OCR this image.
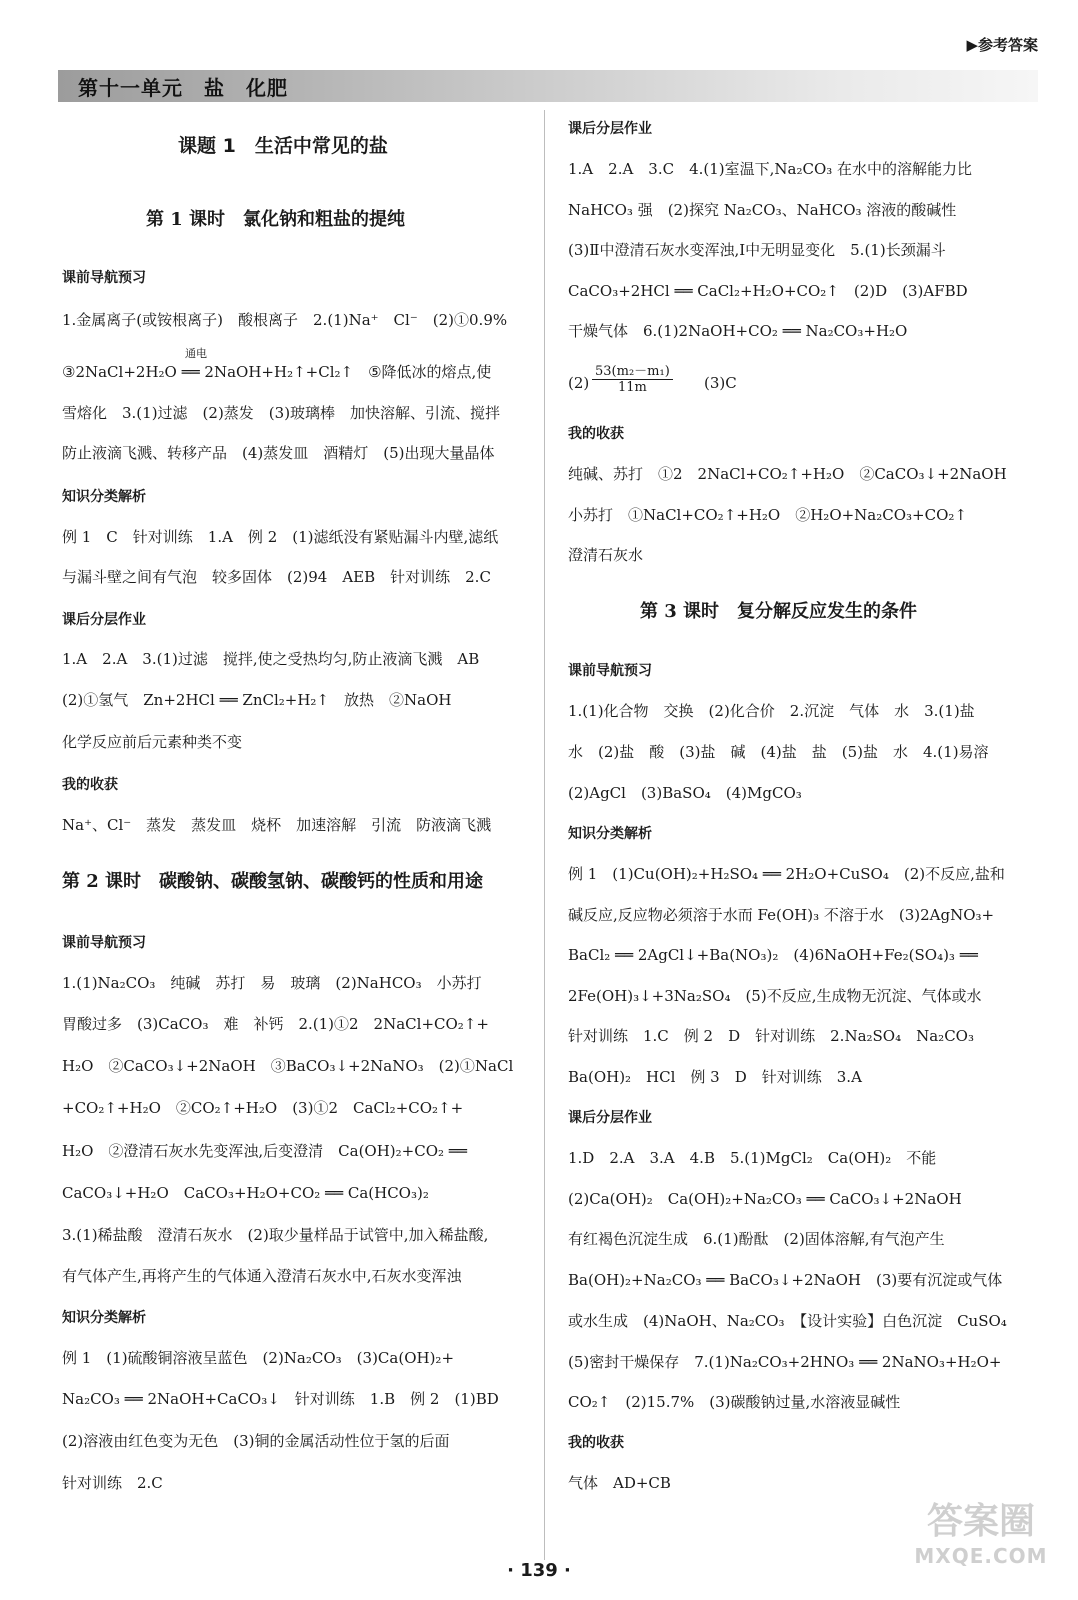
▶参考答案
第十一单元　盐　化肥
课题 1　生活中常见的盐
第 1 课时　氯化钠和粗盐的提纯
课前导航预习
1.金属离子(或铵根离子)　酸根离子　2.(1)Na⁺　Cl⁻　(2)①0.9%
③2NaCl+2H₂O ══ 2NaOH+H₂↑+Cl₂↑　⑤降低冰的熔点,使
通电
雪熔化　3.(1)过滤　(2)蒸发　(3)玻璃棒　加快溶解、引流、搅拌
防止液滴飞溅、转移产品　(4)蒸发皿　酒精灯　(5)出现大量晶体
知识分类解析
例 1　C　针对训练　1.A　例 2　(1)滤纸没有紧贴漏斗内壁,滤纸
与漏斗壁之间有气泡　较多固体　(2)94　AEB　针对训练　2.C
课后分层作业
1.A　2.A　3.(1)过滤　搅拌,使之受热均匀,防止液滴飞溅　AB
(2)①氢气　Zn+2HCl ══ ZnCl₂+H₂↑　放热　②NaOH
化学反应前后元素种类不变
我的收获
Na⁺、Cl⁻　蒸发　蒸发皿　烧杯　加速溶解　引流　防液滴飞溅
第 2 课时　碳酸钠、碳酸氢钠、碳酸钙的性质和用途
课前导航预习
1.(1)Na₂CO₃　纯碱　苏打　易　玻璃　(2)NaHCO₃　小苏打
胃酸过多　(3)CaCO₃　难　补钙　2.(1)①2　2NaCl+CO₂↑+
H₂O　②CaCO₃↓+2NaOH　③BaCO₃↓+2NaNO₃　(2)①NaCl
+CO₂↑+H₂O　②CO₂↑+H₂O　(3)①2　CaCl₂+CO₂↑+
H₂O　②澄清石灰水先变浑浊,后变澄清　Ca(OH)₂+CO₂ ══
CaCO₃↓+H₂O　CaCO₃+H₂O+CO₂ ══ Ca(HCO₃)₂
3.(1)稀盐酸　澄清石灰水　(2)取少量样品于试管中,加入稀盐酸,
有气体产生,再将产生的气体通入澄清石灰水中,石灰水变浑浊
知识分类解析
例 1　(1)硫酸铜溶液呈蓝色　(2)Na₂CO₃　(3)Ca(OH)₂+
Na₂CO₃ ══ 2NaOH+CaCO₃↓　针对训练　1.B　例 2　(1)BD
(2)溶液由红色变为无色　(3)铜的金属活动性位于氢的后面
针对训练　2.C
课后分层作业
1.A　2.A　3.C　4.(1)室温下,Na₂CO₃ 在水中的溶解能力比
NaHCO₃ 强　(2)探究 Na₂CO₃、NaHCO₃ 溶液的酸碱性
(3)Ⅱ中澄清石灰水变浑浊,Ⅰ中无明显变化　5.(1)长颈漏斗
CaCO₃+2HCl ══ CaCl₂+H₂O+CO₂↑　(2)D　(3)AFBD
干燥气体　6.(1)2NaOH+CO₂ ══ Na₂CO₃+H₂O
$(2) \frac{\text{53(m₂－m₁)}}{11m} (3)C$
我的收获
纯碱、苏打　①2　2NaCl+CO₂↑+H₂O　②CaCO₃↓+2NaOH
小苏打　①NaCl+CO₂↑+H₂O　②H₂O+Na₂CO₃+CO₂↑
澄清石灰水
第 3 课时　复分解反应发生的条件
课前导航预习
1.(1)化合物　交换　(2)化合价　2.沉淀　气体　水　3.(1)盐
水　(2)盐　酸　(3)盐　碱　(4)盐　盐　(5)盐　水　4.(1)易溶
(2)AgCl　(3)BaSO₄　(4)MgCO₃
知识分类解析
例 1　(1)Cu(OH)₂+H₂SO₄ ══ 2H₂O+CuSO₄　(2)不反应,盐和
碱反应,反应物必须溶于水而 Fe(OH)₃ 不溶于水　(3)2AgNO₃+
BaCl₂ ══ 2AgCl↓+Ba(NO₃)₂　(4)6NaOH+Fe₂(SO₄)₃ ══
2Fe(OH)₃↓+3Na₂SO₄　(5)不反应,生成物无沉淀、气体或水
针对训练　1.C　例 2　D　针对训练　2.Na₂SO₄　Na₂CO₃
Ba(OH)₂　HCl　例 3　D　针对训练　3.A
课后分层作业
1.D　2.A　3.A　4.B　5.(1)MgCl₂　Ca(OH)₂　不能
(2)Ca(OH)₂　Ca(OH)₂+Na₂CO₃ ══ CaCO₃↓+2NaOH
有红褐色沉淀生成　6.(1)酚酞　(2)固体溶解,有气泡产生
Ba(OH)₂+Na₂CO₃ ══ BaCO₃↓+2NaOH　(3)要有沉淀或气体
或水生成　(4)NaOH、Na₂CO₃　【设计实验】白色沉淀　CuSO₄
(5)密封干燥保存　7.(1)Na₂CO₃+2HNO₃ ══ 2NaNO₃+H₂O+
CO₂↑　(2)15.7%　(3)碳酸钠过量,水溶液显碱性
我的收获
气体　AD+CB
· 139 ·
答案圈
MXQE.COM
